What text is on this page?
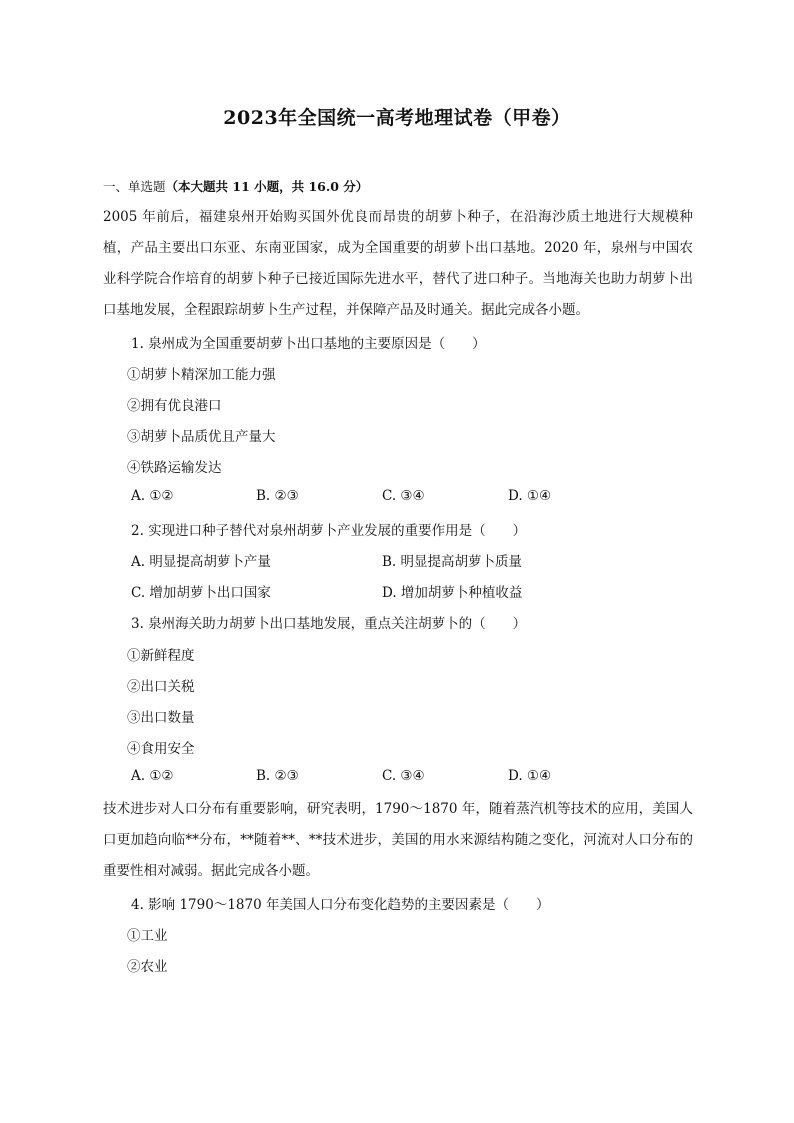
2023年全国统一高考地理试卷（甲卷）
一、单选题（本大题共 11 小题，共 16.0 分）
2005 年前后，福建泉州开始购买国外优良而昂贵的胡萝卜种子，在沿海沙质土地进行大规模种植，产品主要出口东亚、东南亚国家，成为全国重要的胡萝卜出口基地。2020 年，泉州与中国农业科学院合作培育的胡萝卜种子已接近国际先进水平，替代了进口种子。当地海关也助力胡萝卜出口基地发展，全程跟踪胡萝卜生产过程，并保障产品及时通关。据此完成各小题。
1. 泉州成为全国重要胡萝卜出口基地的主要原因是（　　）
①胡萝卜精深加工能力强
②拥有优良港口
③胡萝卜品质优且产量大
④铁路运输发达
A. ①②	B. ②③	C. ③④	D. ①④
2. 实现进口种子替代对泉州胡萝卜产业发展的重要作用是（　　）
A. 明显提高胡萝卜产量	B. 明显提高胡萝卜质量
C. 增加胡萝卜出口国家	D. 增加胡萝卜种植收益
3. 泉州海关助力胡萝卜出口基地发展，重点关注胡萝卜的（　　）
①新鲜程度
②出口关税
③出口数量
④食用安全
A. ①②	B. ②③	C. ③④	D. ①④
技术进步对人口分布有重要影响，研究表明，1790～1870 年，随着蒸汽机等技术的应用，美国人口更加趋向临**分布，**随着**、**技术进步，美国的用水来源结构随之变化，河流对人口分布的重要性相对减弱。据此完成各小题。
4. 影响 1790～1870 年美国人口分布变化趋势的主要因素是（　　）
①工业
②农业
